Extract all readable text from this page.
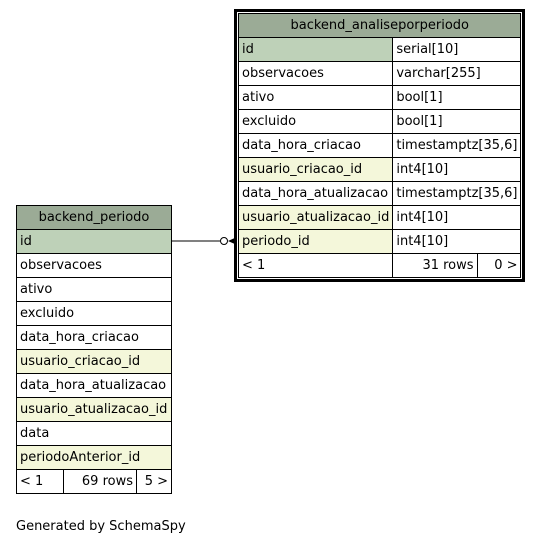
backend_analiseporperiodo		
id	serial[10]	
observacoes	varchar[255]	
ativo	bool[1]	
excluido	bool[1]	
data_hora_criacao	timestamptz[35,6]	
usuario_criacao_id	int4[10]	
data_hora_atualizacao	timestamptz[35,6]	
usuario_atualizacao_id	int4[10]	
periodo_id	int4[10]	
< 1	31 rows	0 >
backend_periodo
id
observacoes
ativo
excluido
data_hora_criacao
usuario_criacao_id
data_hora_atualizacao
usuario_atualizacao_id
data
periodoAnterior_id
< 1	69 rows	5 >
Generated by SchemaSpy
